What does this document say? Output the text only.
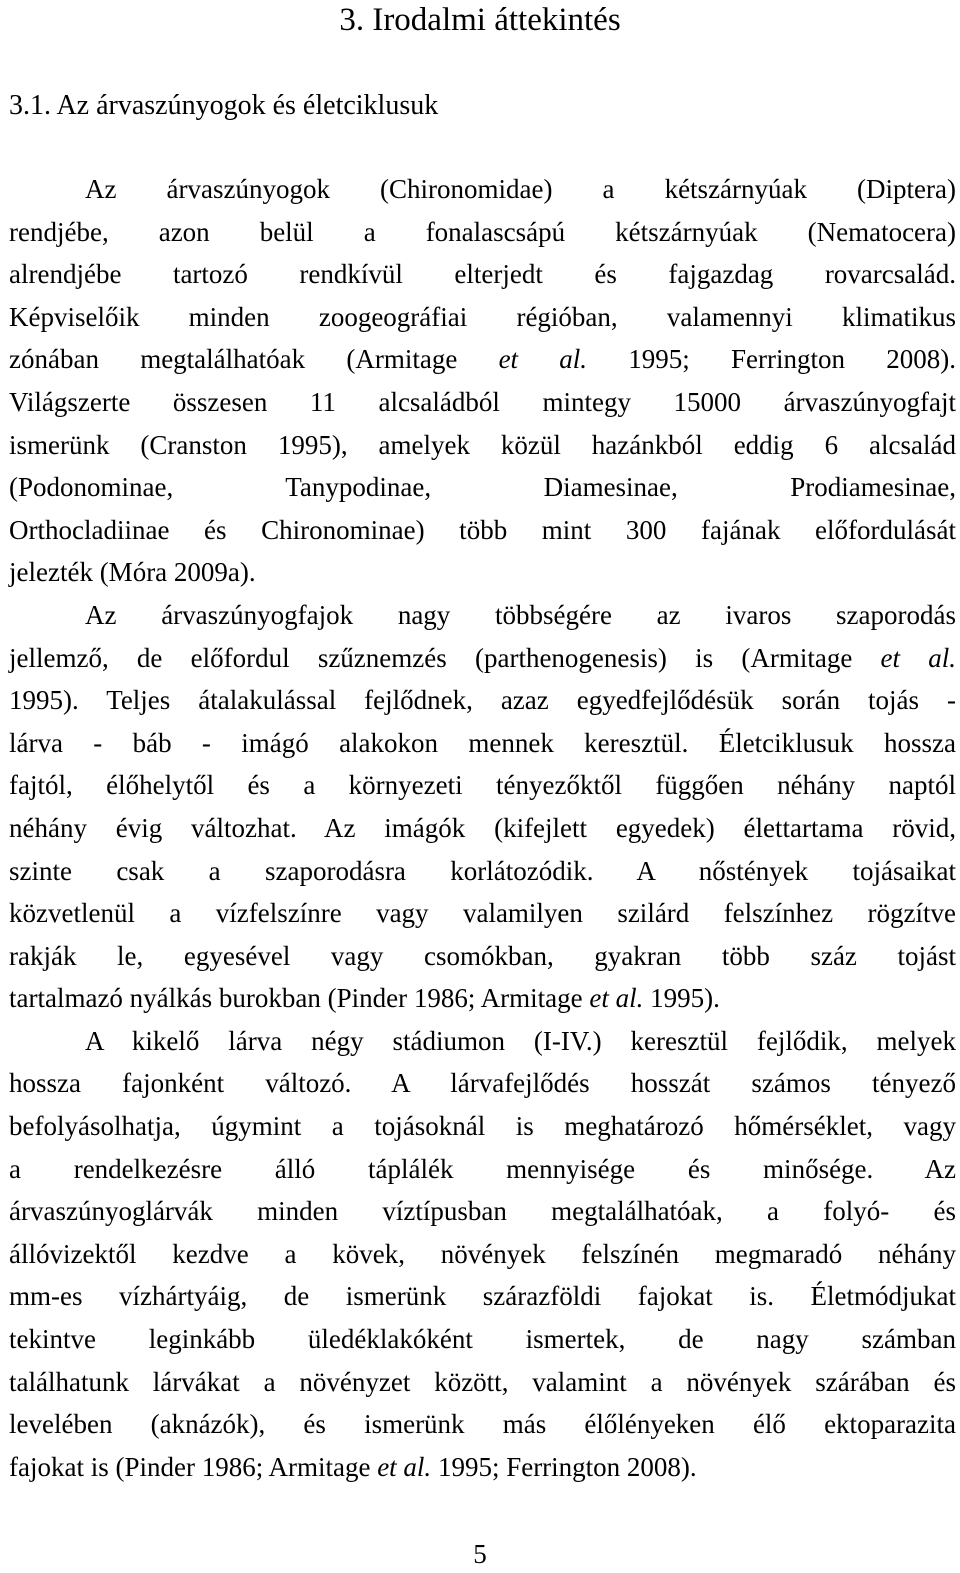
3. Irodalmi áttekintés
3.1. Az árvaszúnyogok és életciklusuk
Az árvaszúnyogok (Chironomidae) a kétszárnyúak (Diptera)
rendjébe, azon belül a fonalascsápú kétszárnyúak (Nematocera)
alrendjébe tartozó rendkívül elterjedt és fajgazdag rovarcsalád.
Képviselőik minden zoogeográfiai régióban, valamennyi klimatikus
zónában megtalálhatóak (Armitage et al. 1995; Ferrington 2008).
Világszerte összesen 11 alcsaládból mintegy 15000 árvaszúnyogfajt
ismerünk (Cranston 1995), amelyek közül hazánkból eddig 6 alcsalád
(Podonominae, Tanypodinae, Diamesinae, Prodiamesinae,
Orthocladiinae és Chironominae) több mint 300 fajának előfordulását
jelezték (Móra 2009a).
Az árvaszúnyogfajok nagy többségére az ivaros szaporodás
jellemző, de előfordul szűznemzés (parthenogenesis) is (Armitage et al.
1995). Teljes átalakulással fejlődnek, azaz egyedfejlődésük során tojás -
lárva - báb - imágó alakokon mennek keresztül. Életciklusuk hossza
fajtól, élőhelytől és a környezeti tényezőktől függően néhány naptól
néhány évig változhat. Az imágók (kifejlett egyedek) élettartama rövid,
szinte csak a szaporodásra korlátozódik. A nőstények tojásaikat
közvetlenül a vízfelszínre vagy valamilyen szilárd felszínhez rögzítve
rakják le, egyesével vagy csomókban, gyakran több száz tojást
tartalmazó nyálkás burokban (Pinder 1986; Armitage et al. 1995).
A kikelő lárva négy stádiumon (I-IV.) keresztül fejlődik, melyek
hossza fajonként változó. A lárvafejlődés hosszát számos tényező
befolyásolhatja, úgymint a tojásoknál is meghatározó hőmérséklet, vagy
a rendelkezésre álló táplálék mennyisége és minősége. Az
árvaszúnyoglárvák minden víztípusban megtalálhatóak, a folyó- és
állóvizektől kezdve a kövek, növények felszínén megmaradó néhány
mm-es vízhártyáig, de ismerünk szárazföldi fajokat is. Életmódjukat
tekintve leginkább üledéklakóként ismertek, de nagy számban
találhatunk lárvákat a növényzet között, valamint a növények szárában és
levelében (aknázók), és ismerünk más élőlényeken élő ektoparazita
fajokat is (Pinder 1986; Armitage et al. 1995; Ferrington 2008).
5
